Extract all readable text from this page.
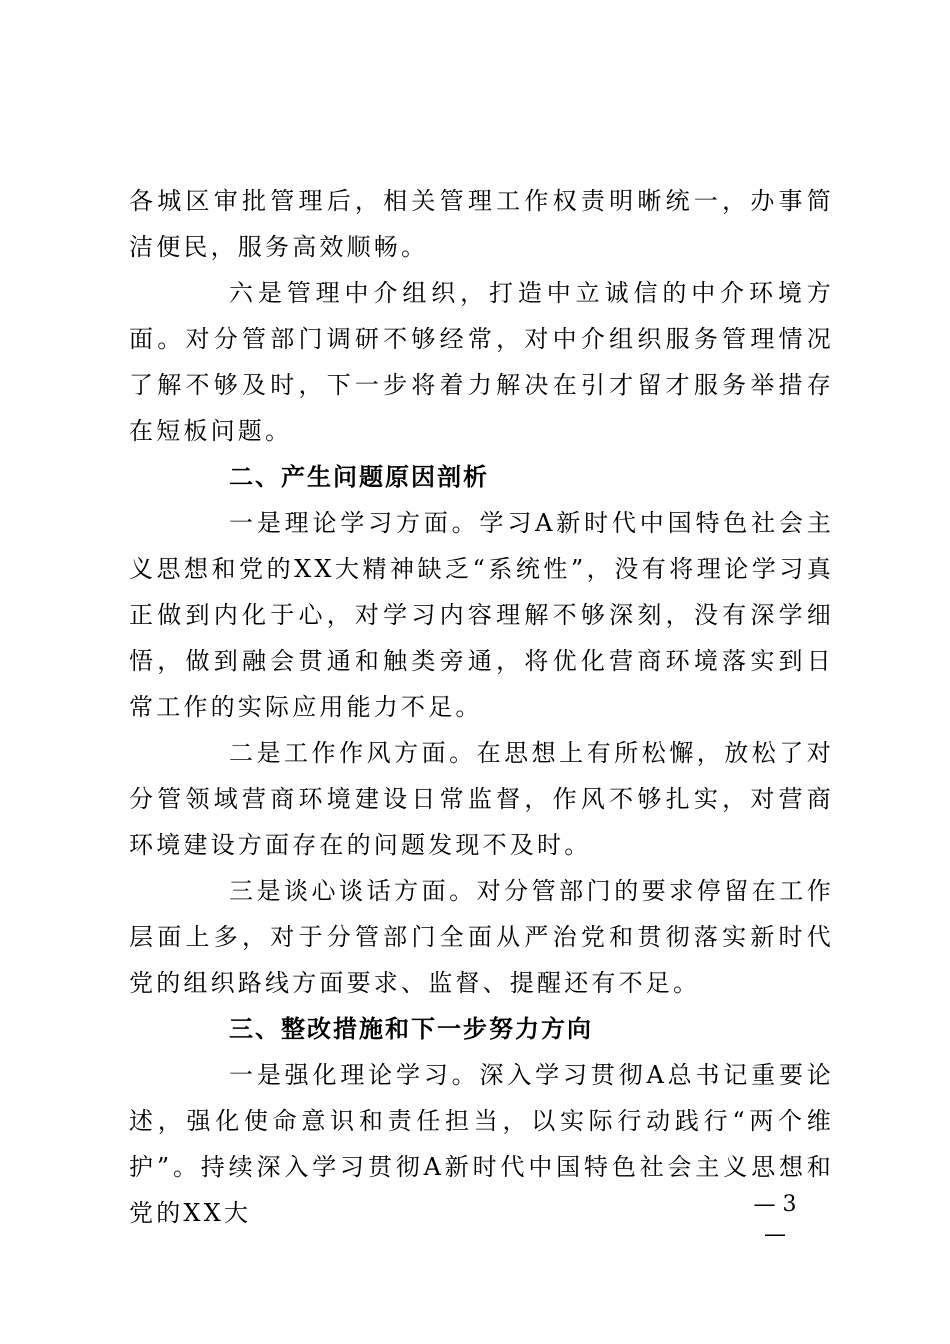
各城区审批管理后，相关管理工作权责明晰统一，办事简洁便民，服务高效顺畅。

六是管理中介组织，打造中立诚信的中介环境方面。对分管部门调研不够经常，对中介组织服务管理情况了解不够及时，下一步将着力解决在引才留才服务举措存在短板问题。

二、产生问题原因剖析

一是理论学习方面。学习A新时代中国特色社会主义思想和党的XX大精神缺乏“系统性”，没有将理论学习真正做到内化于心，对学习内容理解不够深刻，没有深学细悟，做到融会贯通和触类旁通，将优化营商环境落实到日常工作的实际应用能力不足。

二是工作作风方面。在思想上有所松懈，放松了对分管领域营商环境建设日常监督，作风不够扎实，对营商环境建设方面存在的问题发现不及时。

三是谈心谈话方面。对分管部门的要求停留在工作层面上多，对于分管部门全面从严治党和贯彻落实新时代党的组织路线方面要求、监督、提醒还有不足。

三、整改措施和下一步努力方向

一是强化理论学习。深入学习贯彻A总书记重要论述，强化使命意识和责任担当，以实际行动践行“两个维护”。持续深入学习贯彻A新时代中国特色社会主义思想和党的XX大	— 3 —
